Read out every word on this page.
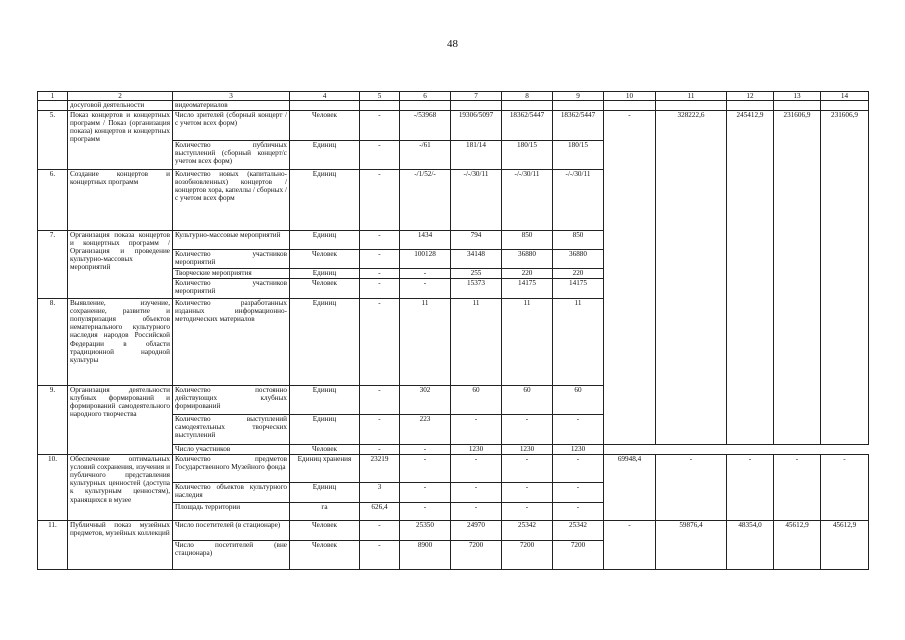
48
1	2	3	4	5	6	7	8	9	10	11	12	13	14
	досуговой деятельности	видеоматериалов											
5.	Показ концертов и концертных программ / Показ (организация показа) концертов и концертных программ	Число зрителей (сборный концерт / с учетом всех форм)	Человек	-	-/53968	19306/5097	18362/5447	18362/5447	-	328222,6	245412,9	231606,9	231606,9
		Количество публичных выступлений (сборный концерт/с учетом всех форм)	Единиц	-	-/61	181/14	180/15	180/15					
6.	Создание концертов и концертных программ	Количество новых (капитально-возобновленных) концертов / концертов хора, капеллы / сборных / с учетом всех форм	Единиц	-	-/1/52/-	-/-/30/11	-/-/30/11	-/-/30/11					
7.	Организация показа концертов и концертных программ / Организация и проведение культурно-массовых мероприятий	Культурно-массовые мероприятий	Единиц	-	1434	794	850	850					
		Количество участников мероприятий	Человек	-	100128	34148	36880	36880					
		Творческие мероприятия	Единиц	-	-	255	220	220					
		Количество участников мероприятий	Человек	-	-	15373	14175	14175					
8.	Выявление, изучение, сохранение, развитие и популяризация объектов нематериального культурного наследия народов Российской Федерации в области традиционной народной культуры	Количество разработанных изданных информационно-методических материалов	Единиц	-	11	11	11	11					
9.	Организация деятельности клубных формирований и формирований самодеятельного народного творчества	Количество постоянно действующих клубных формирований	Единиц	-	302	60	60	60					
		Количество выступлений самодеятельных творческих выступлений	Единиц	-	223	-	-	-					
		Число участников	Человек	-	-	1230	1230	1230					
10.	Обеспечение оптимальных условий сохранения, изучения и публичного представления культурных ценностей (доступа к культурным ценностям), хранящихся в музее	Количество предметов Государственного Музейного фонда	Единиц хранения	23219	-	-	-	-	69948,4	-	-	-	-
		Количество объектов культурного наследия	Единиц	3	-	-	-	-					
		Площадь территории	га	626,4	-	-	-	-					
11.	Публичный показ музейных предметов, музейных коллекций	Число посетителей (в стационаре)	Человек	-	25350	24970	25342	25342	-	59876,4	48354,0	45612,9	45612,9
		Число посетителей (вне стационара)	Человек	-	8900	7200	7200	7200					
